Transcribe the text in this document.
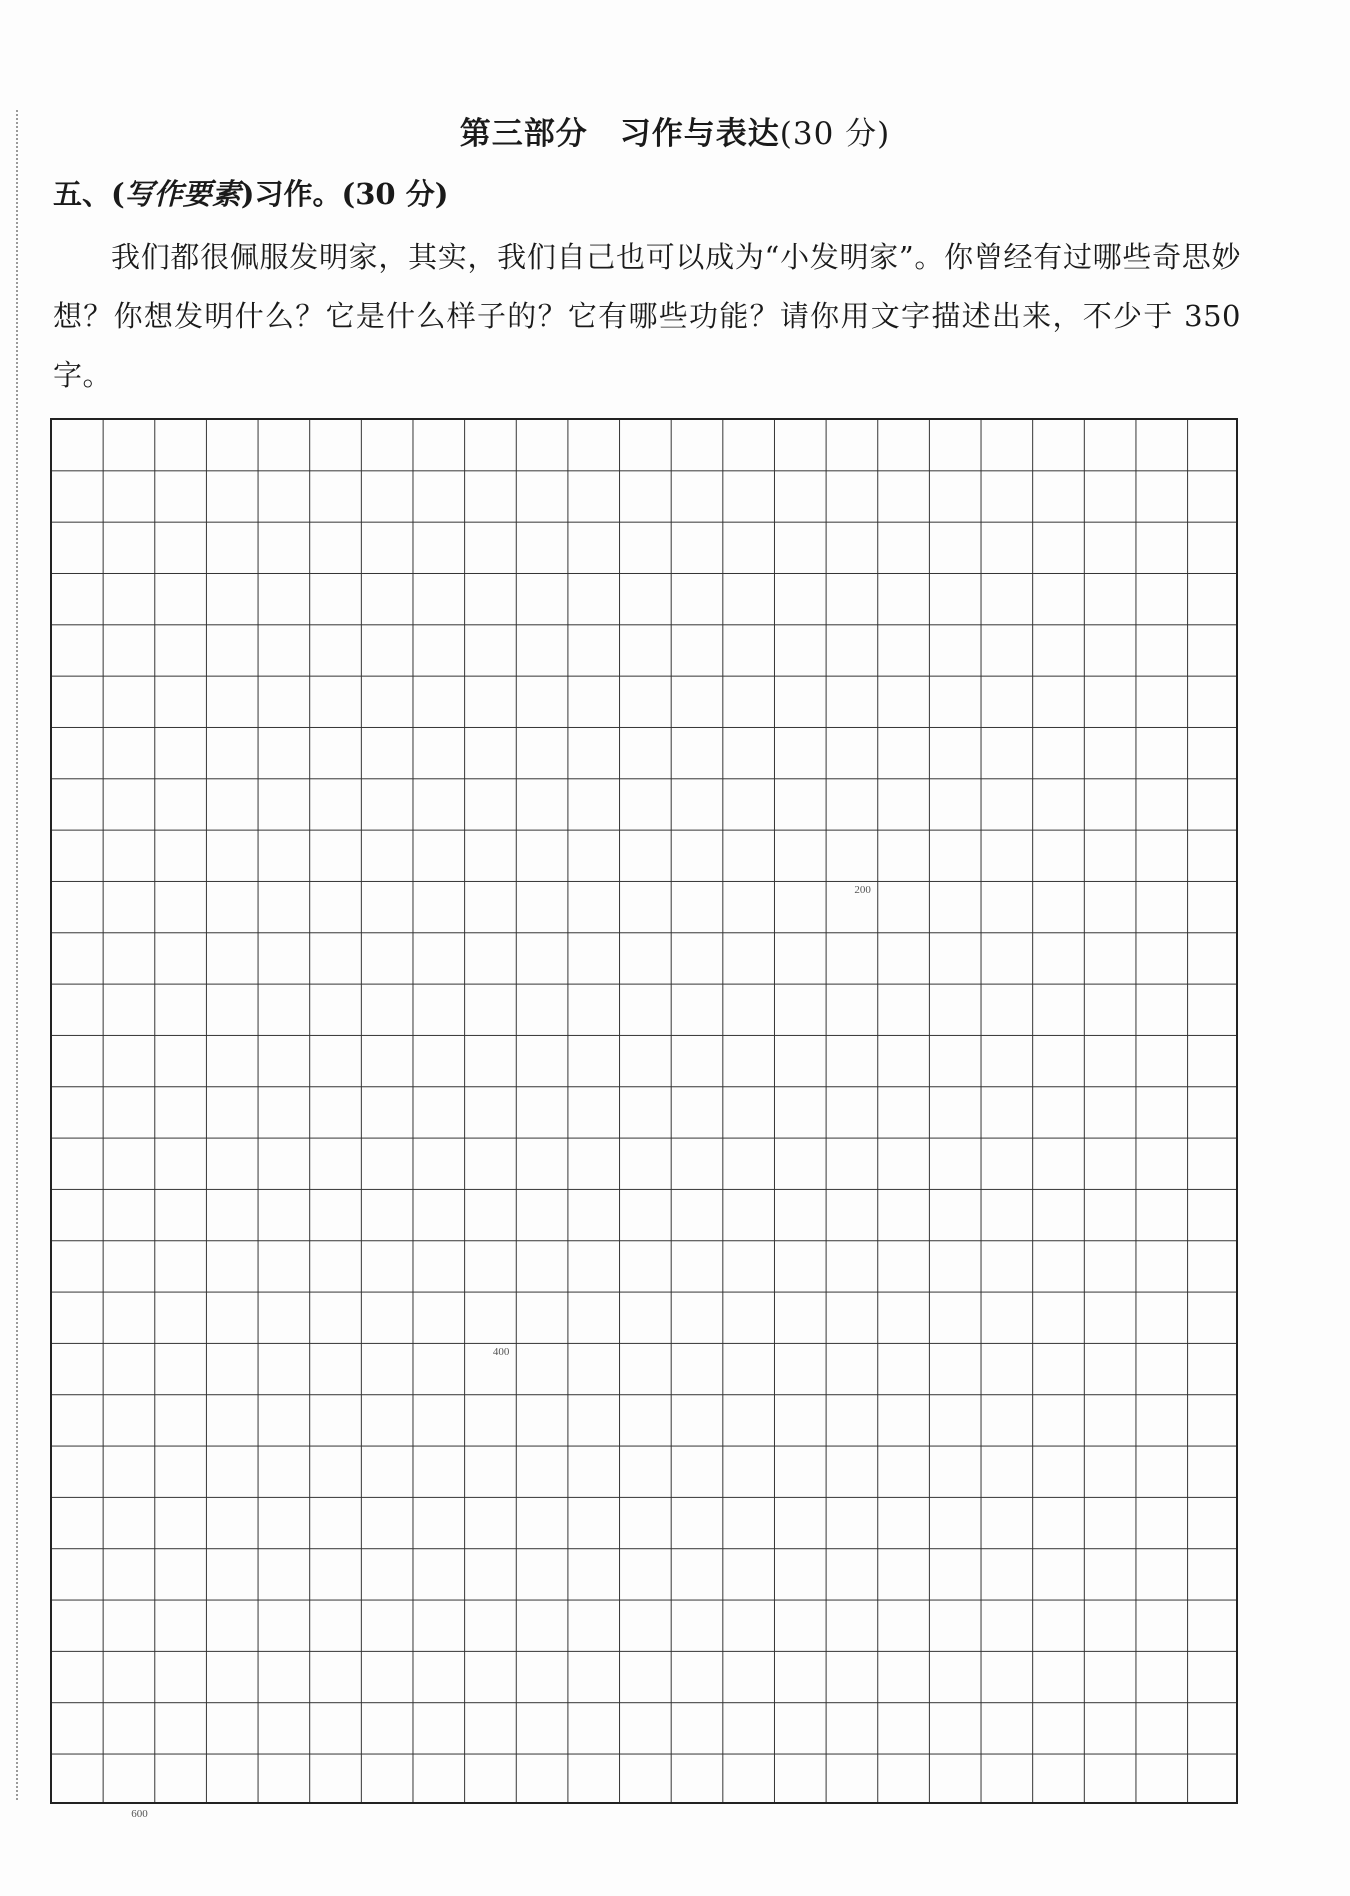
第三部分　习作与表达(30 分)
五、(写作要素)习作。(30 分)
我们都很佩服发明家，其实，我们自己也可以成为“小发明家”。你曾经有过哪些奇思妙想？你想发明什么？它是什么样子的？它有哪些功能？请你用文字描述出来，不少于 350 字。
200
400
600
